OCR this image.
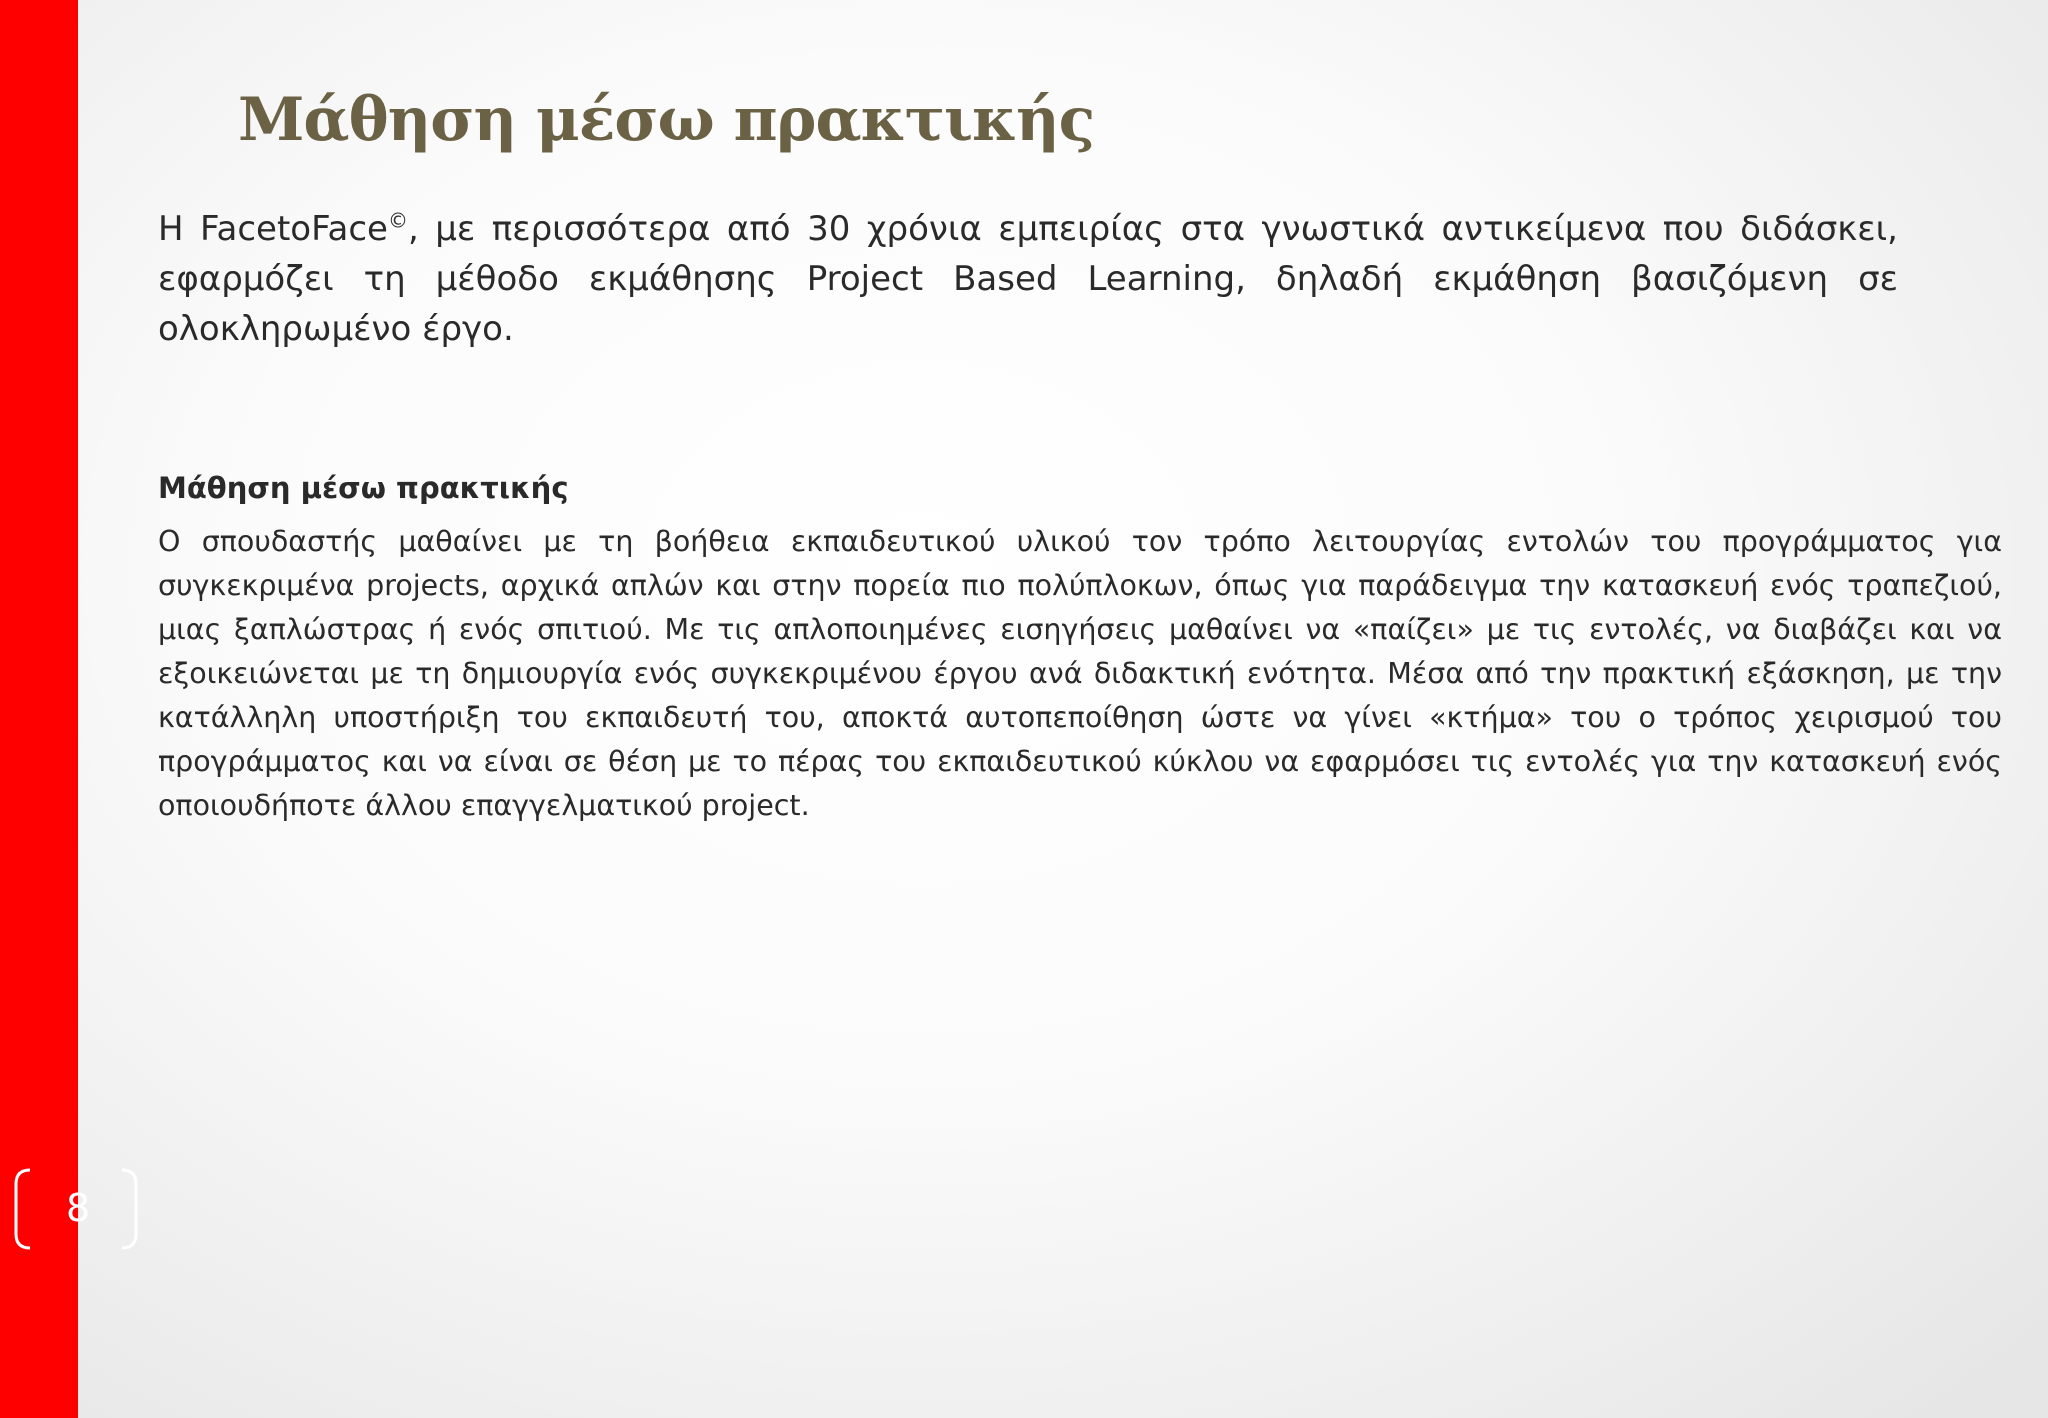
8
Μάθηση μέσω πρακτικής

Η FacetoFace©, με περισσότερα από 30 χρόνια εμπειρίας στα γνωστικά αντικείμενα που διδάσκει, εφαρμόζει τη μέθοδο εκμάθησης Project Based Learning, δηλαδή εκμάθηση βασιζόμενη σε ολοκληρωμένο έργο.

Μάθηση μέσω πρακτικής

Ο σπουδαστής μαθαίνει με τη βοήθεια εκπαιδευτικού υλικού τον τρόπο λειτουργίας εντολών του προγράμματος για συγκεκριμένα projects, αρχικά απλών και στην πορεία πιο πολύπλοκων, όπως για παράδειγμα την κατασκευή ενός τραπεζιού, μιας ξαπλώστρας ή ενός σπιτιού. Με τις απλοποιημένες εισηγήσεις μαθαίνει να «παίζει» με τις εντολές, να διαβάζει και να εξοικειώνεται με τη δημιουργία ενός συγκεκριμένου έργου ανά διδακτική ενότητα. Μέσα από την πρακτική εξάσκηση, με την κατάλληλη υποστήριξη του εκπαιδευτή του, αποκτά αυτοπεποίθηση ώστε να γίνει «κτήμα» του ο τρόπος χειρισμού του προγράμματος και να είναι σε θέση με το πέρας του εκπαιδευτικού κύκλου να εφαρμόσει τις εντολές για την κατασκευή ενός οποιουδήποτε άλλου επαγγελματικού project.
